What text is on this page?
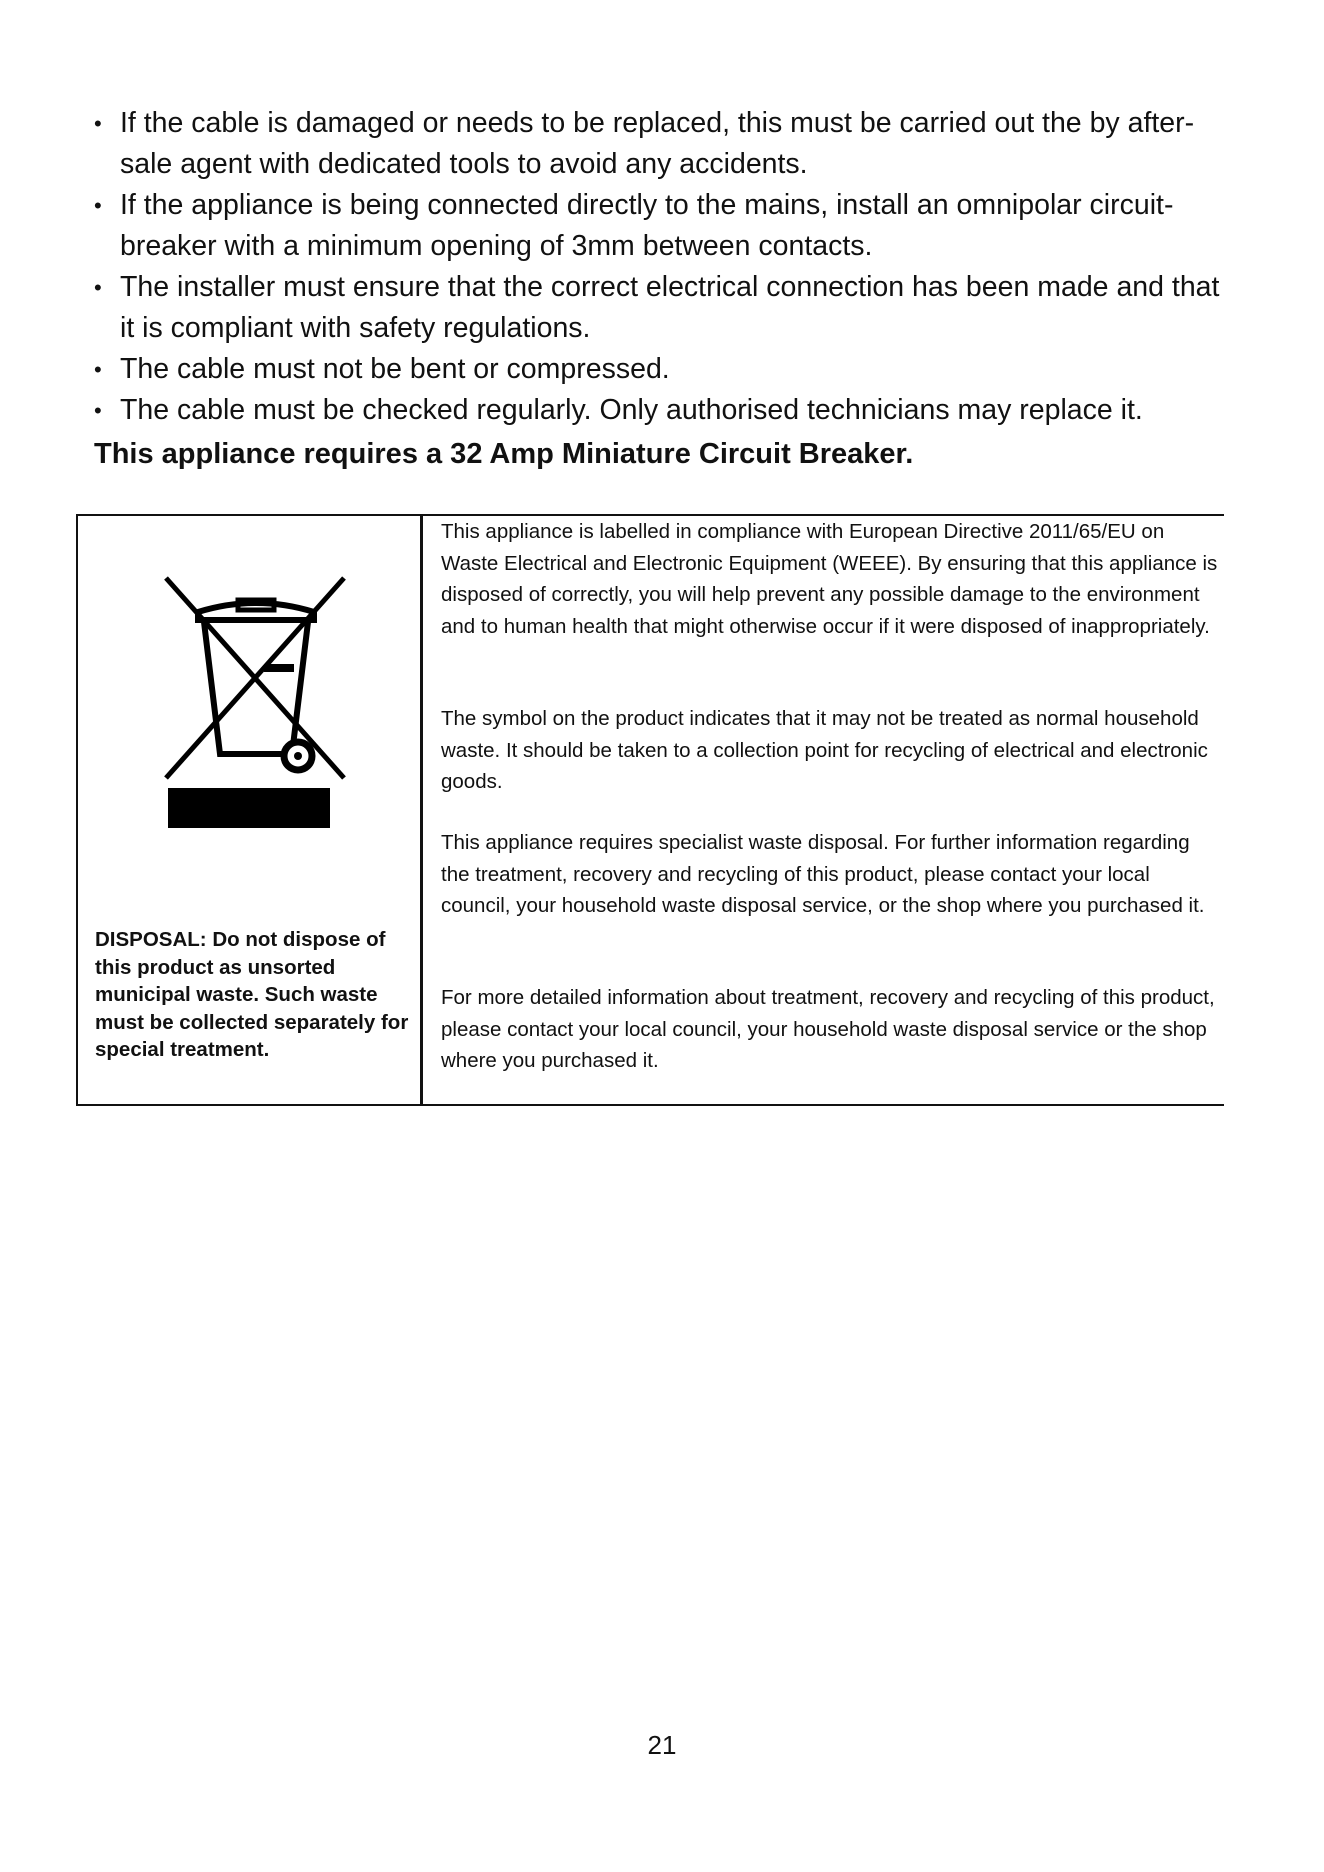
• If the cable is damaged or needs to be replaced, this must be carried out the by after-sale agent with dedicated tools to avoid any accidents.
• If the appliance is being connected directly to the mains, install an omnipolar circuit-breaker with a minimum opening of 3mm between contacts.
• The installer must ensure that the correct electrical connection has been made and that it is compliant with safety regulations.
• The cable must not be bent or compressed.
• The cable must be checked regularly. Only authorised technicians may replace it.

This appliance requires a 32 Amp Miniature Circuit Breaker.

DISPOSAL: Do not dispose of this product as unsorted municipal waste. Such waste must be collected separately for special treatment.

This appliance is labelled in compliance with European Directive 2011/65/EU on Waste Electrical and Electronic Equipment (WEEE). By ensuring that this appliance is disposed of correctly, you will help prevent any possible damage to the environment and to human health that might otherwise occur if it were disposed of inappropriately.

The symbol on the product indicates that it may not be treated as normal household waste. It should be taken to a collection point for recycling of electrical and electronic goods.

This appliance requires specialist waste disposal. For further information regarding the treatment, recovery and recycling of this product, please contact your local council, your household waste disposal service, or the shop where you purchased it.

For more detailed information about treatment, recovery and recycling of this product, please contact your local council, your household waste disposal service or the shop where you purchased it.

21
